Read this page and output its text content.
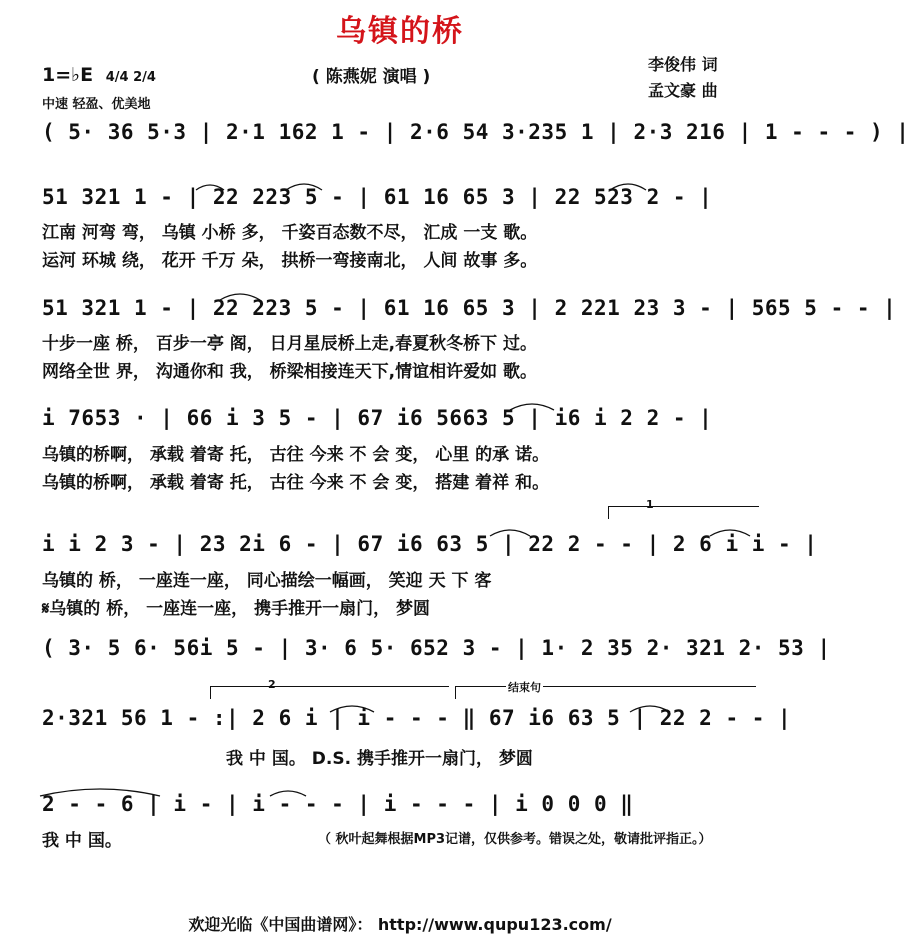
乌镇的桥
( 陈燕妮 演唱 )
李俊伟 词
孟文豪 曲
1=♭E 4/4 2/4
中速 轻盈、优美地
( 5· 36 5·3 | 2·1 162 1 - | 2·6 54 3·235 1 | 2·3 216 | 1 - - - ) |
51 321 1 - | 22 223 5 - | 61 16 65 3 | 22 523 2 - |
江南 河弯 弯， 乌镇 小桥 多， 千姿百态数不尽， 汇成 一支 歌。
运河 环城 绕， 花开 千万 朵， 拱桥一弯接南北， 人间 故事 多。
51 321 1 - | 22 223 5 - | 61 16 65 3 | 2 221 23 3 - | 565 5 - - |
十步一座 桥， 百步一亭 阁， 日月星辰桥上走,春夏秋冬桥下 过。
网络全世 界， 沟通你和 我， 桥梁相接连天下,情谊相许爱如 歌。
i 7653 · | 66 i 3 5 - | 67 i6 5663 5 | i6 i 2 2 - |
乌镇的桥啊， 承载 着寄 托， 古往 今来 不 会 变， 心里 的承 诺。
乌镇的桥啊， 承载 着寄 托， 古往 今来 不 会 变， 搭建 着祥 和。
1
i i 2 3 - | 23 2i 6 - | 67 i6 63 5 | 22 2 - - | 2 6 i i - |
乌镇的 桥， 一座连一座， 同心描绘一幅画， 笑迎 天 下 客
𝄋乌镇的 桥， 一座连一座， 携手推开一扇门， 梦圆
( 3· 5 6· 56i 5 - | 3· 6 5· 652 3 - | 1· 2 35 2· 321 2· 53 |
2	结束句
2·321 56 1 - :| 2 6 i | i - - - ‖ 67 i6 63 5 | 22 2 - - |
我 中 国。 D.S. 携手推开一扇门， 梦圆
2 - - 6 | i - | i - - - | i - - - | i 0 0 0 ‖
我 中 国。	（ 秋叶起舞根据MP3记谱，仅供参考。错误之处，敬请批评指正。）
欢迎光临《中国曲谱网》： http://www.qupu123.com/
